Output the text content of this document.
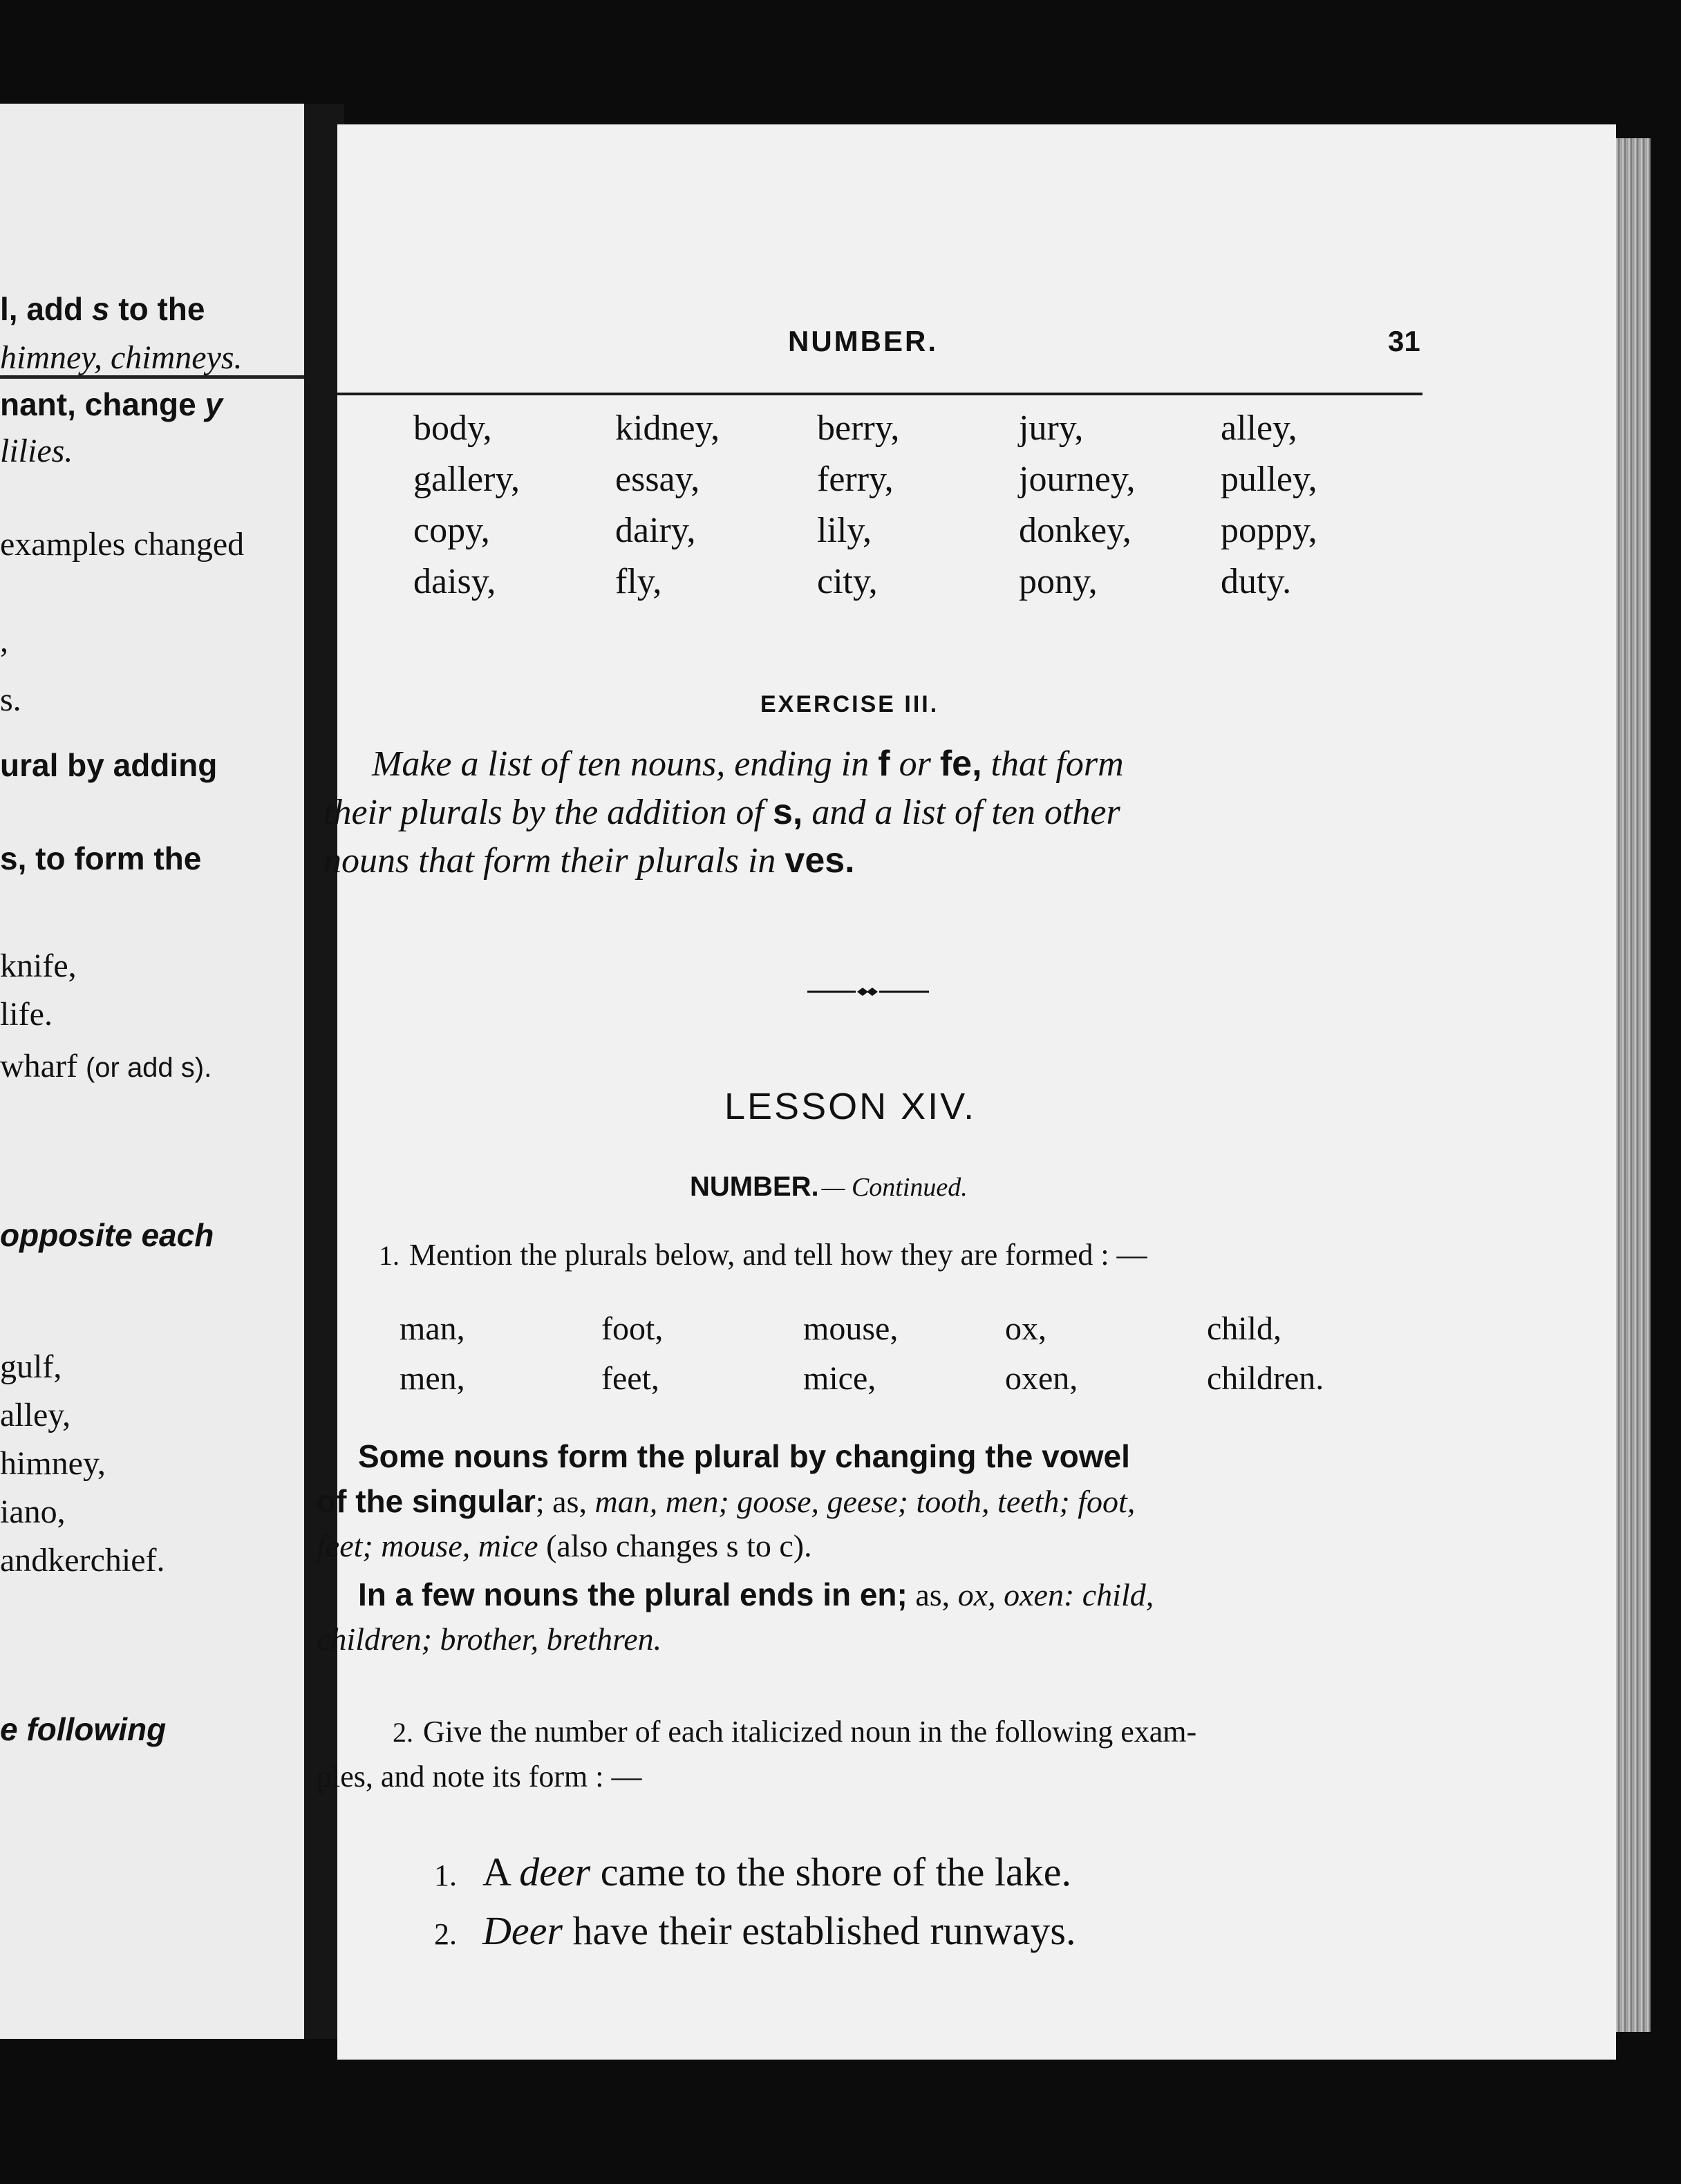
l, add s to the
himney, chimneys.
nant, change y
lilies.
examples changed
,
s.
ural by adding
s, to form the
knife,
life.
wharf (or add s).
opposite each
gulf,
alley,
himney,
iano,
andkerchief.
e following
NUMBER.	31
body,	kidney,	berry,	jury,	alley,
gallery,	essay,	ferry,	journey,	pulley,
copy,	dairy,	lily,	donkey,	poppy,
daisy,	fly,	city,	pony,	duty.
EXERCISE III.
Make a list of ten nouns, ending in f or fe, that form
their plurals by the addition of s, and a list of ten other
nouns that form their plurals in ves.
LESSON XIV.
NUMBER. — Continued.
1. Mention the plurals below, and tell how they are formed : —
man,	foot,	mouse,	ox,	child,
men,	feet,	mice,	oxen,	children.
Some nouns form the plural by changing the vowel
of the singular; as, man, men; goose, geese; tooth, teeth; foot,
feet; mouse, mice (also changes s to c).
In a few nouns the plural ends in en; as, ox, oxen: child,
children; brother, brethren.
2. Give the number of each italicized noun in the following exam-
ples, and note its form : —
1. A deer came to the shore of the lake.
2. Deer have their established runways.
